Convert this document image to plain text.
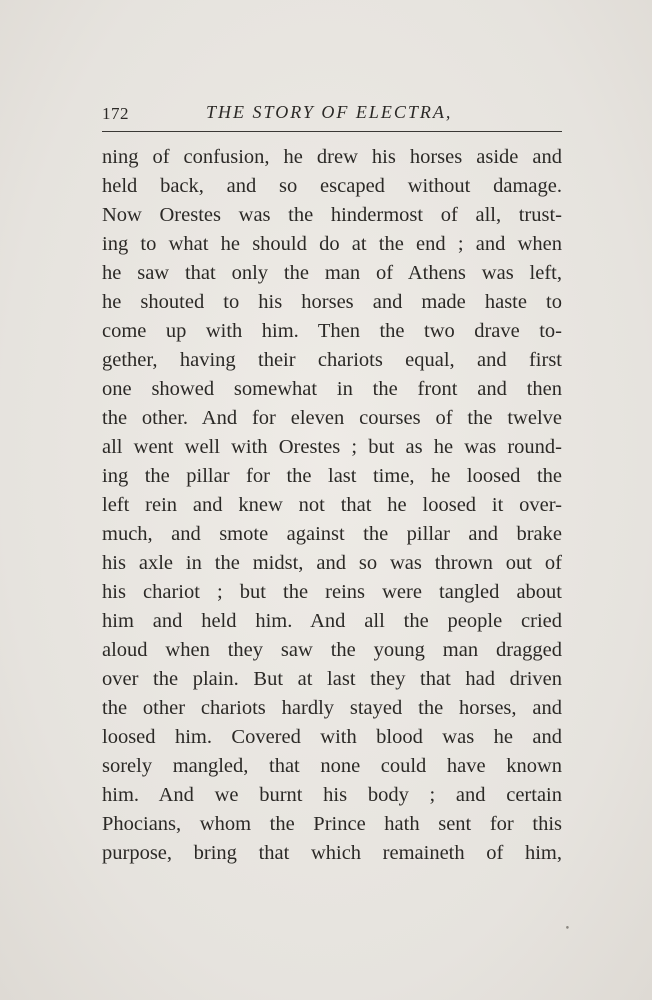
172	THE STORY OF ELECTRA,
ning of confusion, he drew his horses aside and
held back, and so escaped without damage.
Now Orestes was the hindermost of all, trust-
ing to what he should do at the end ; and when
he saw that only the man of Athens was left,
he shouted to his horses and made haste to
come up with him. Then the two drave to-
gether, having their chariots equal, and first
one showed somewhat in the front and then
the other. And for eleven courses of the twelve
all went well with Orestes ; but as he was round-
ing the pillar for the last time, he loosed the
left rein and knew not that he loosed it over-
much, and smote against the pillar and brake
his axle in the midst, and so was thrown out of
his chariot ; but the reins were tangled about
him and held him. And all the people cried
aloud when they saw the young man dragged
over the plain. But at last they that had driven
the other chariots hardly stayed the horses, and
loosed him. Covered with blood was he and
sorely mangled, that none could have known
him. And we burnt his body ; and certain
Phocians, whom the Prince hath sent for this
purpose, bring that which remaineth of him,
•
